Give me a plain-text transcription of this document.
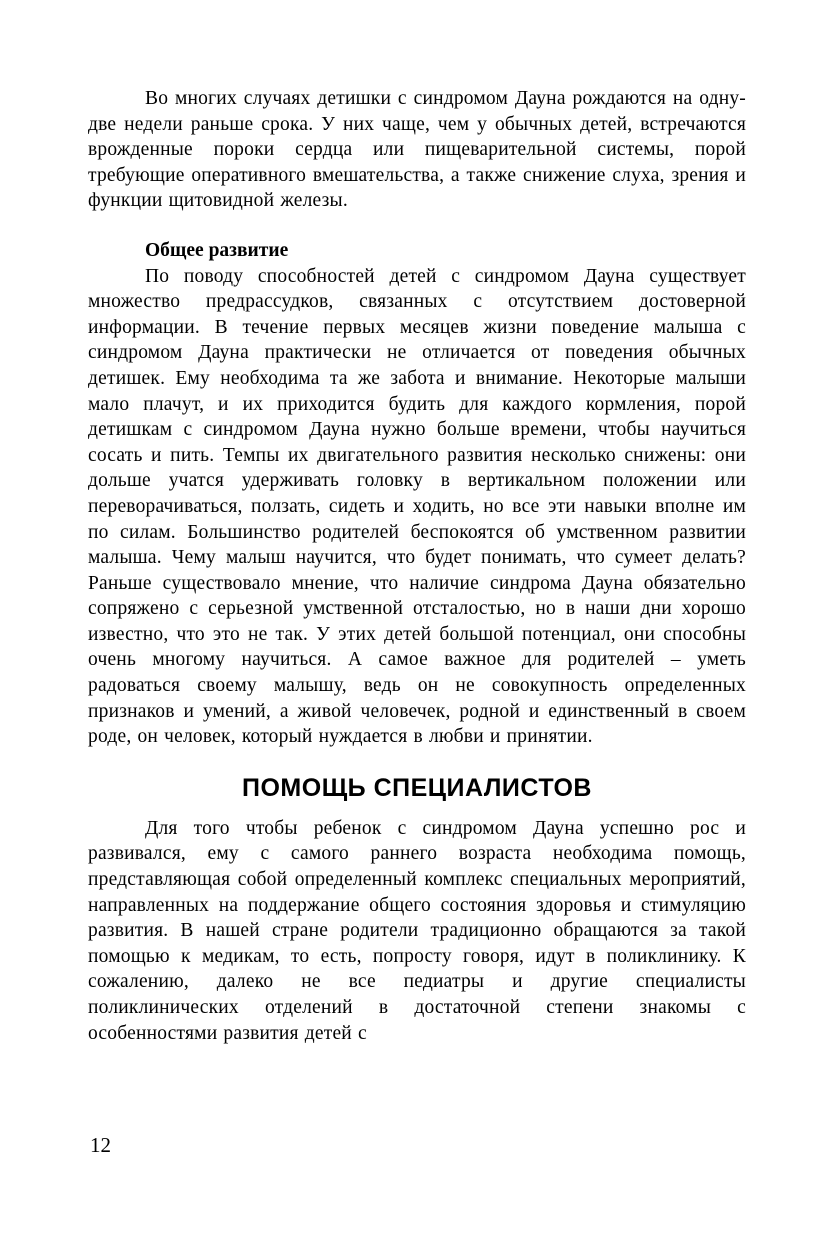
Во многих случаях детишки с синдромом Дауна рождаются на одну-две недели раньше срока. У них чаще, чем у обычных детей, встречаются врожденные пороки сердца или пищеварительной системы, порой требующие оперативного вмешательства, а также снижение слуха, зрения и функции щитовидной железы.

Общее развитие

По поводу способностей детей с синдромом Дауна существует множество предрассудков, связанных с отсутствием достоверной информации. В течение первых месяцев жизни поведение малыша с синдромом Дауна практически не отличается от поведения обычных детишек. Ему необходима та же забота и внимание. Некоторые малыши мало плачут, и их приходится будить для каждого кормления, порой детишкам с синдромом Дауна нужно больше времени, чтобы научиться сосать и пить. Темпы их двигательного развития несколько снижены: они дольше учатся удерживать головку в вертикальном положении или переворачиваться, ползать, сидеть и ходить, но все эти навыки вполне им по силам. Большинство родителей беспокоятся об умственном развитии малыша. Чему малыш научится, что будет понимать, что сумеет делать? Раньше существовало мнение, что наличие синдрома Дауна обязательно сопряжено с серьезной умственной отсталостью, но в наши дни хорошо известно, что это не так. У этих детей большой потенциал, они способны очень многому научиться. А самое важное для родителей – уметь радоваться своему малышу, ведь он не совокупность определенных признаков и умений, а живой человечек, родной и единственный в своем роде, он человек, который нуждается в любви и принятии.

ПОМОЩЬ СПЕЦИАЛИСТОВ

Для того чтобы ребенок с синдромом Дауна успешно рос и развивался, ему с самого раннего возраста необходима помощь, представляющая собой определенный комплекс специальных мероприятий, направленных на поддержание общего состояния здоровья и стимуляцию развития. В нашей стране родители традиционно обращаются за такой помощью к медикам, то есть, попросту говоря, идут в поликлинику. К сожалению, далеко не все педиатры и другие специалисты поликлинических отделений в достаточной степени знакомы с особенностями развития детей с

12
